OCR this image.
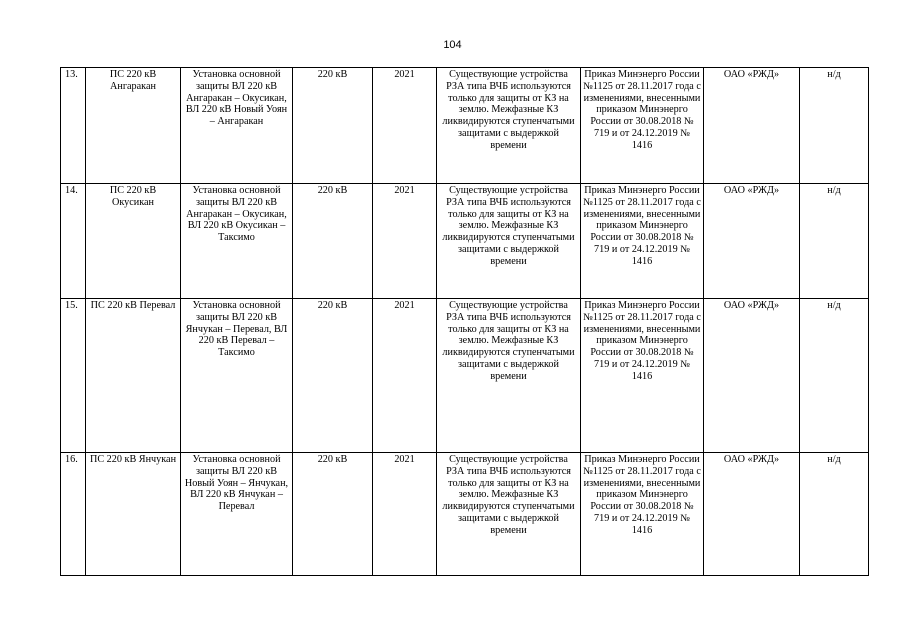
104
13.	ПС 220 кВ Ангаракан	Установка основной защиты ВЛ 220 кВ Ангаракан – Окусикан, ВЛ 220 кВ Новый Уоян – Ангаракан	220 кВ	2021	Существующие устройства РЗА типа ВЧБ используются только для защиты от КЗ на землю. Межфазные КЗ ликвидируются ступенчатыми защитами с выдержкой времени	Приказ Минэнерго России №1125 от 28.11.2017 года с изменениями, внесенными приказом Минэнерго России от 30.08.2018 № 719 и от 24.12.2019 № 1416	ОАО «РЖД»	н/д
14.	ПС 220 кВ Окусикан	Установка основной защиты ВЛ 220 кВ Ангаракан – Окусикан, ВЛ 220 кВ Окусикан – Таксимо	220 кВ	2021	Существующие устройства РЗА типа ВЧБ используются только для защиты от КЗ на землю. Межфазные КЗ ликвидируются ступенчатыми защитами с выдержкой времени	Приказ Минэнерго России №1125 от 28.11.2017 года с изменениями, внесенными приказом Минэнерго России от 30.08.2018 № 719 и от 24.12.2019 № 1416	ОАО «РЖД»	н/д
15.	ПС 220 кВ Перевал	Установка основной защиты ВЛ 220 кВ Янчукан – Перевал, ВЛ 220 кВ Перевал – Таксимо	220 кВ	2021	Существующие устройства РЗА типа ВЧБ используются только для защиты от КЗ на землю. Межфазные КЗ ликвидируются ступенчатыми защитами с выдержкой времени	Приказ Минэнерго России №1125 от 28.11.2017 года с изменениями, внесенными приказом Минэнерго России от 30.08.2018 № 719 и от 24.12.2019 № 1416	ОАО «РЖД»	н/д
16.	ПС 220 кВ Янчукан	Установка основной защиты ВЛ 220 кВ Новый Уоян – Янчукан, ВЛ 220 кВ Янчукан – Перевал	220 кВ	2021	Существующие устройства РЗА типа ВЧБ используются только для защиты от КЗ на землю. Межфазные КЗ ликвидируются ступенчатыми защитами с выдержкой времени	Приказ Минэнерго России №1125 от 28.11.2017 года с изменениями, внесенными приказом Минэнерго России от 30.08.2018 № 719 и от 24.12.2019 № 1416	ОАО «РЖД»	н/д
